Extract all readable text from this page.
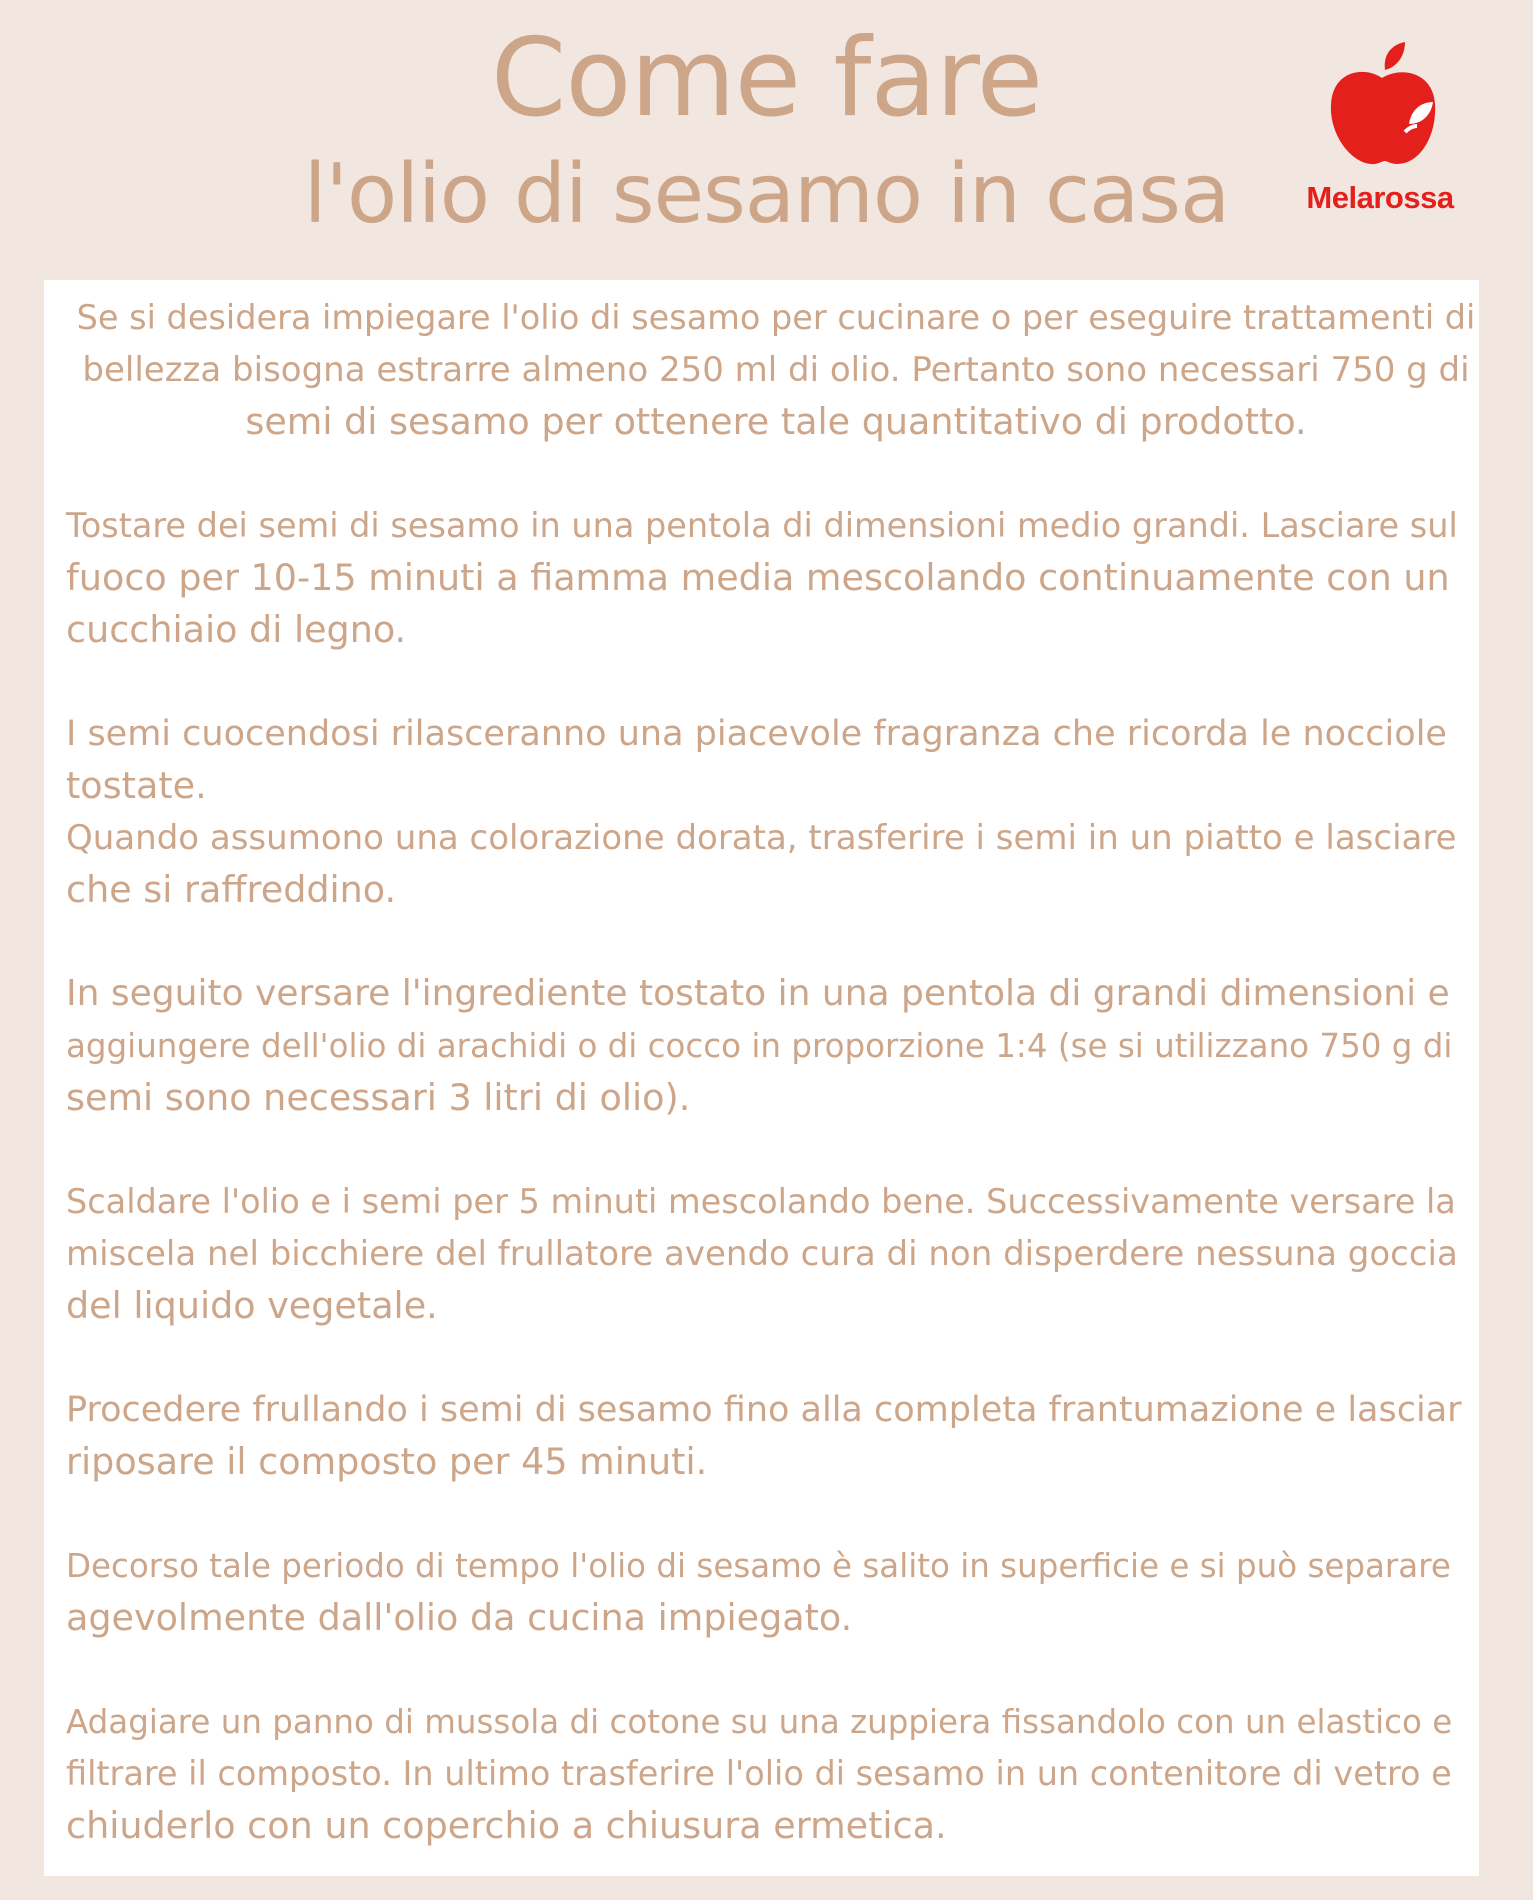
Come fare
l'olio di sesamo in casa	Melarossa
Se si desidera impiegare l'olio di sesamo per cucinare o per eseguire trattamenti di
bellezza bisogna estrarre almeno 250 ml di olio. Pertanto sono necessari 750 g di
semi di sesamo per ottenere tale quantitativo di prodotto.
Tostare dei semi di sesamo in una pentola di dimensioni medio grandi. Lasciare sul
fuoco per 10-15 minuti a fiamma media mescolando continuamente con un
cucchiaio di legno.
I semi cuocendosi rilasceranno una piacevole fragranza che ricorda le nocciole
tostate.
Quando assumono una colorazione dorata, trasferire i semi in un piatto e lasciare
che si raffreddino.
In seguito versare l'ingrediente tostato in una pentola di grandi dimensioni e
aggiungere dell'olio di arachidi o di cocco in proporzione 1:4 (se si utilizzano 750 g di
semi sono necessari 3 litri di olio).
Scaldare l'olio e i semi per 5 minuti mescolando bene. Successivamente versare la
miscela nel bicchiere del frullatore avendo cura di non disperdere nessuna goccia
del liquido vegetale.
Procedere frullando i semi di sesamo fino alla completa frantumazione e lasciar
riposare il composto per 45 minuti.
Decorso tale periodo di tempo l'olio di sesamo è salito in superficie e si può separare
agevolmente dall'olio da cucina impiegato.
Adagiare un panno di mussola di cotone su una zuppiera fissandolo con un elastico e
filtrare il composto. In ultimo trasferire l'olio di sesamo in un contenitore di vetro e
chiuderlo con un coperchio a chiusura ermetica.
